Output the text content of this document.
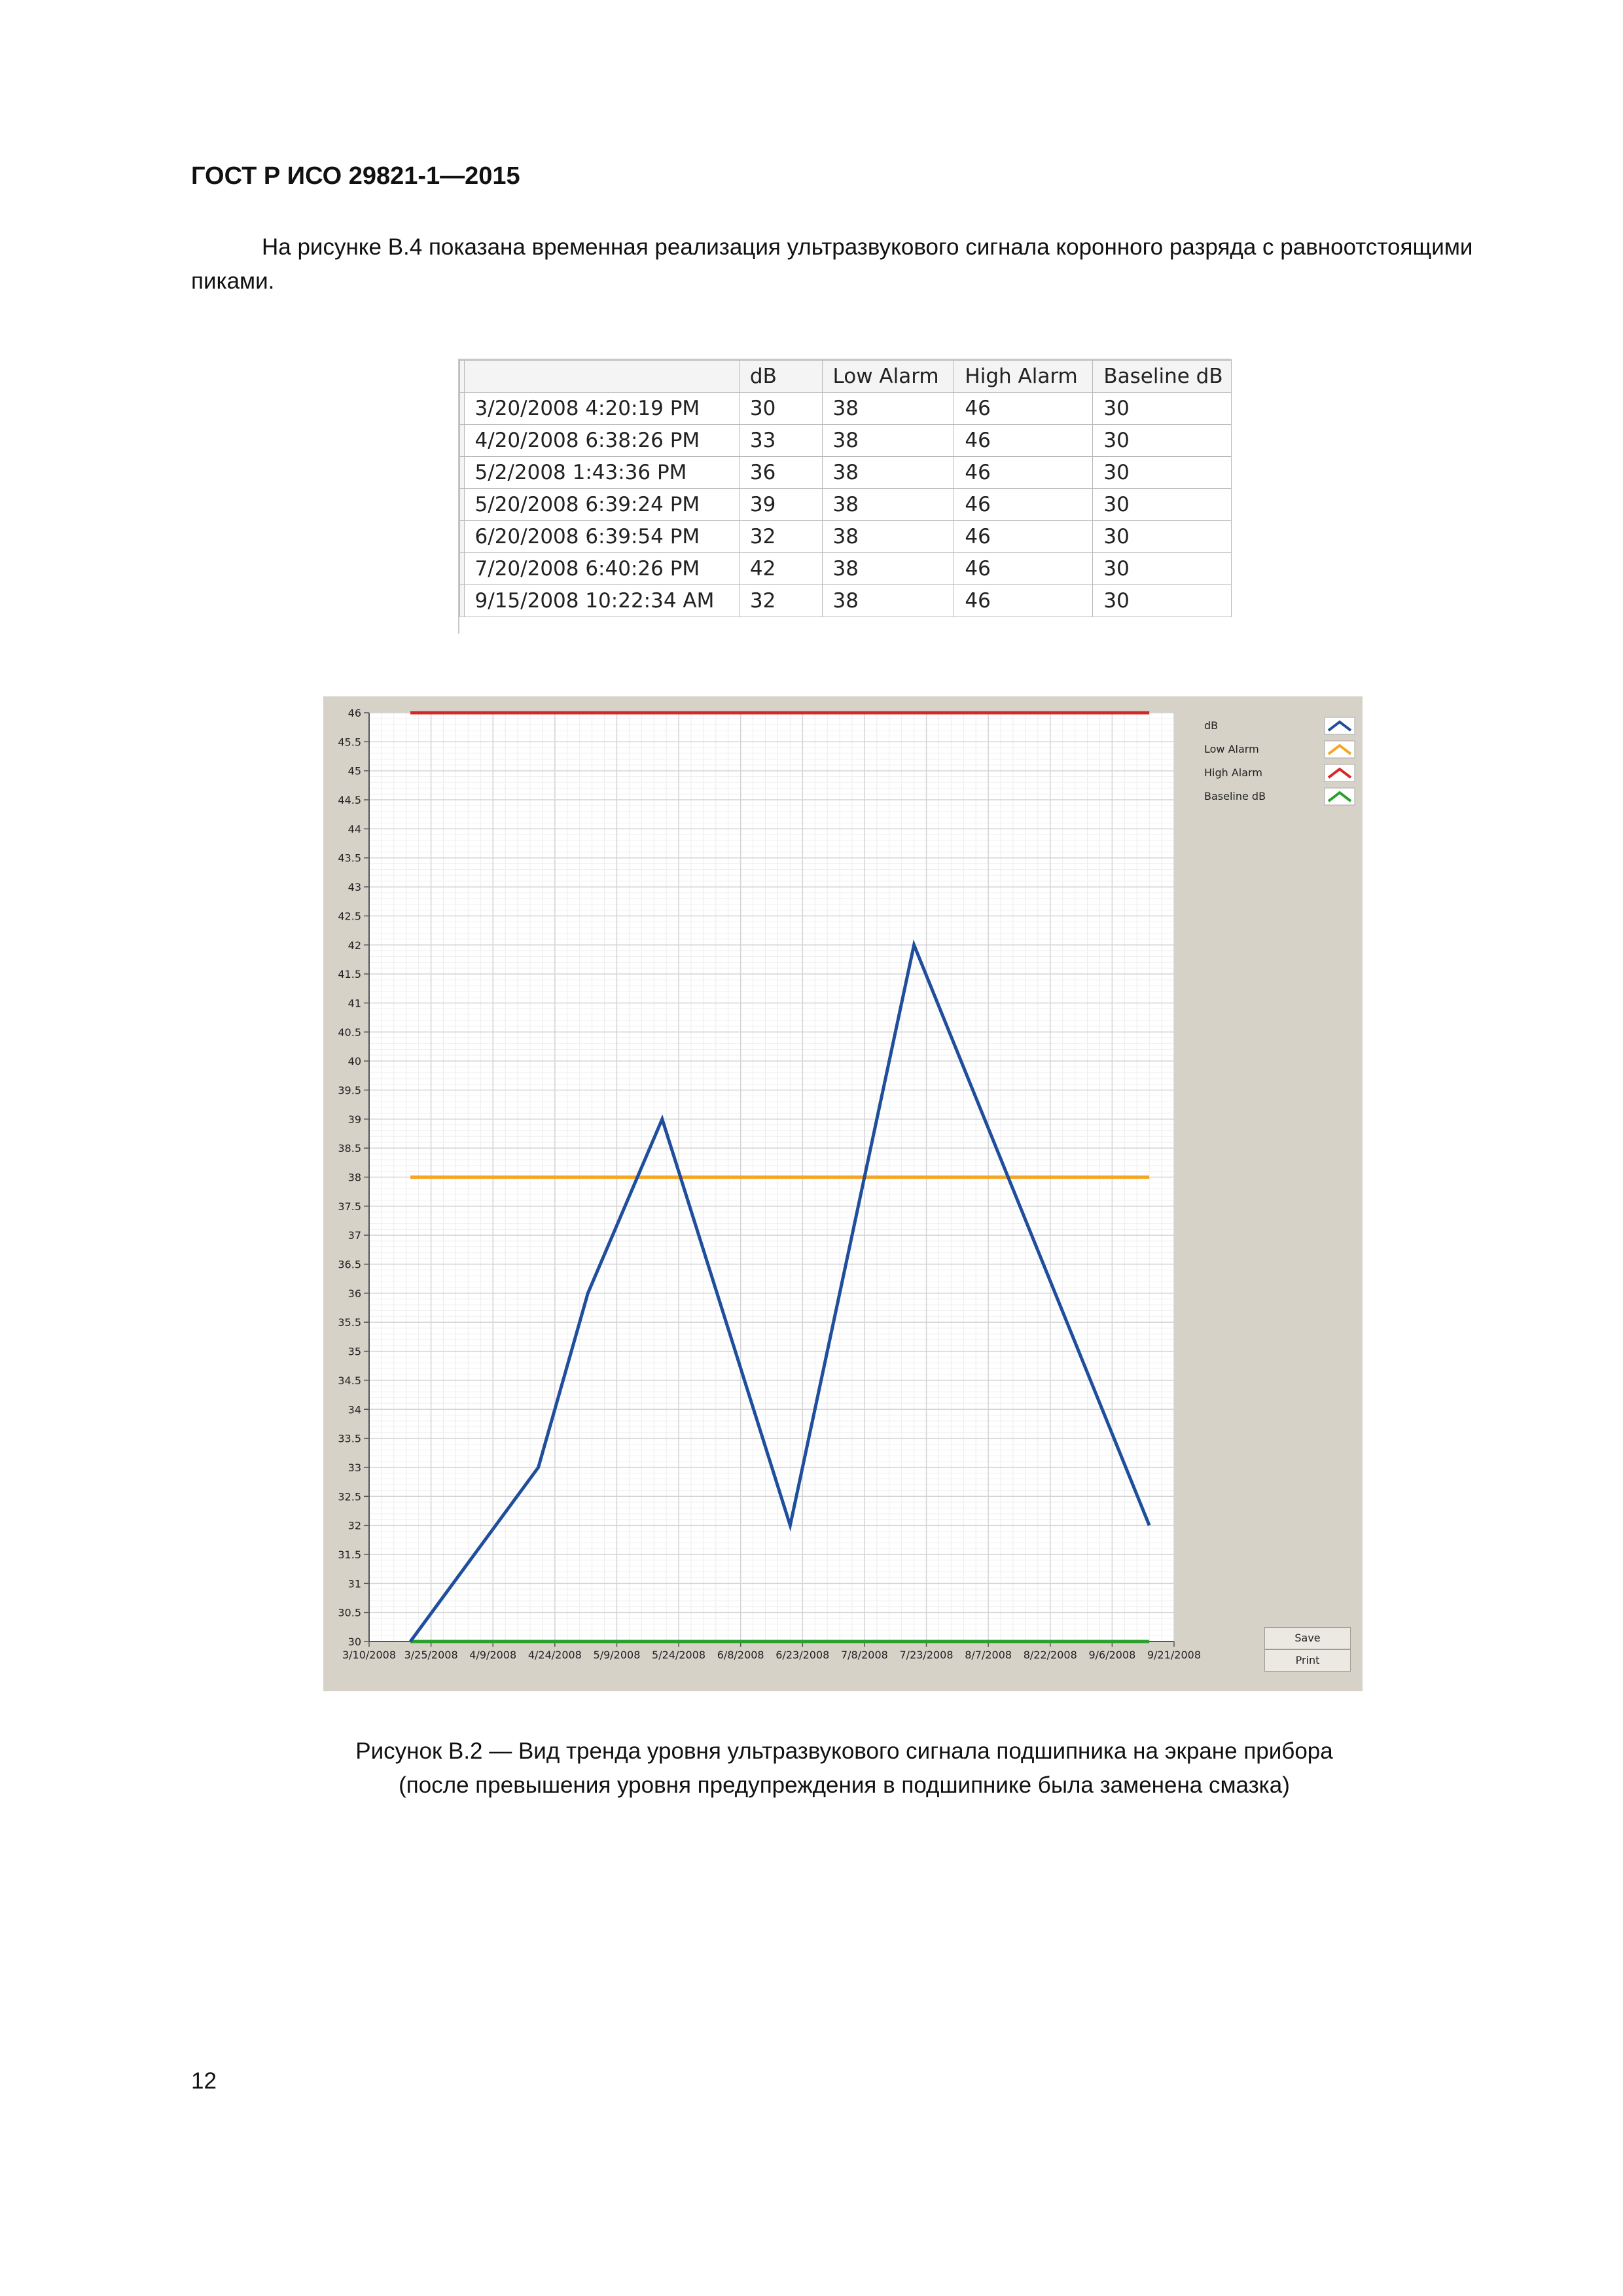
ГОСТ Р ИСО 29821-1—2015
На рисунке В.4 показана временная реализация ультразвукового сигнала коронного разряда с равноотстоящими пиками.
		dB	Low Alarm	High Alarm	Baseline dB
	3/20/2008 4:20:19 PM	30	38	46	30
	4/20/2008 6:38:26 PM	33	38	46	30
	5/2/2008 1:43:36 PM	36	38	46	30
	5/20/2008 6:39:24 PM	39	38	46	30
	6/20/2008 6:39:54 PM	32	38	46	30
	7/20/2008 6:40:26 PM	42	38	46	30
	9/15/2008 10:22:34 AM	32	38	46	30
30
30.5
31
31.5
32
32.5
33
33.5
34
34.5
35
35.5
36
36.5
37
37.5
38
38.5
39
39.5
40
40.5
41
41.5
42
42.5
43
43.5
44
44.5
45
45.5
46
3/10/2008 3/25/2008 4/9/2008 4/24/2008 5/9/2008 5/24/2008 6/8/2008 6/23/2008 7/8/2008 7/23/2008 8/7/2008 8/22/2008 9/6/2008 9/21/2008
dB
Low Alarm
High Alarm
Baseline dB
Save
Print
Рисунок В.2 — Вид тренда уровня ультразвукового сигнала подшипника на экране прибора
(после превышения уровня предупреждения в подшипнике была заменена смазка)
12
